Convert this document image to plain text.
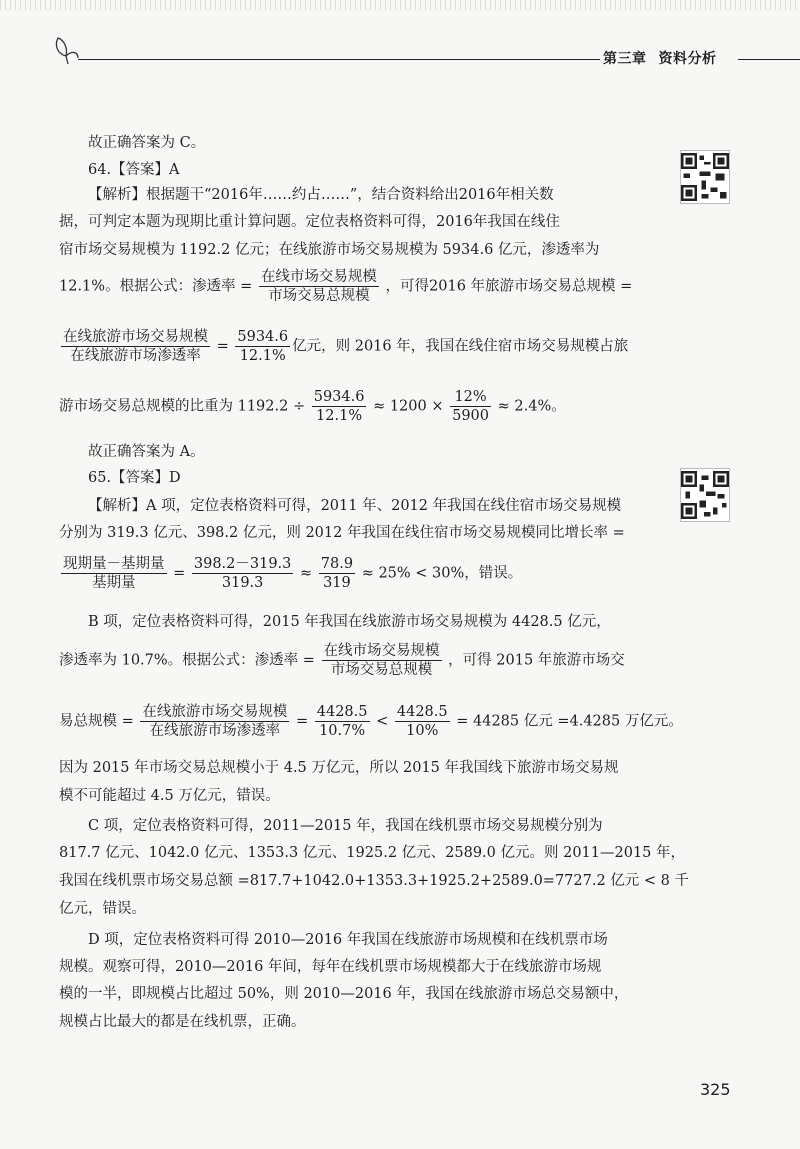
第三章 资料分析
故正确答案为 C。
64.【答案】A
【解析】根据题干“2016年……约占……”，结合资料给出2016年相关数
据，可判定本题为现期比重计算问题。定位表格资料可得，2016年我国在线住
宿市场交易规模为 1192.2 亿元；在线旅游市场交易规模为 5934.6 亿元，渗透率为
12.1%。根据公式：渗透率 = $\frac{\text{在线市场交易规模}}{\text{市场交易总规模}}$ ，可得2016 年旅游市场交易总规模 =
$\frac{\text{在线旅游市场交易规模}}{\text{在线旅游市场渗透率}} = \frac{5934.6}{12.1\%}$ 亿元，则 2016 年，我国在线住宿市场交易规模占旅
游市场交易总规模的比重为 $1192.2 \div \frac{5934.6}{12.1\%} \approx 1200 \times \frac{12\%}{5900} \approx 2.4\%$。
故正确答案为 A。
65.【答案】D
【解析】A 项，定位表格资料可得，2011 年、2012 年我国在线住宿市场交易规模
分别为 319.3 亿元、398.2 亿元，则 2012 年我国在线住宿市场交易规模同比增长率 =
$\frac{\text{现期量－基期量}}{\text{基期量}} = \frac{398.2-319.3}{319.3} \approx \frac{78.9}{319} \approx 25\% < 30\%$，错误。
B 项，定位表格资料可得，2015 年我国在线旅游市场交易规模为 4428.5 亿元，
渗透率为 10.7%。根据公式：渗透率 = $\frac{\text{在线市场交易规模}}{\text{市场交易总规模}}$ ，可得 2015 年旅游市场交
易总规模 = $\frac{\text{在线旅游市场交易规模}}{\text{在线旅游市场渗透率}} = \frac{4428.5}{10.7\%} < \frac{4428.5}{10\%} = 44285$ 亿元 =4.4285 万亿元。
因为 2015 年市场交易总规模小于 4.5 万亿元，所以 2015 年我国线下旅游市场交易规
模不可能超过 4.5 万亿元，错误。
C 项，定位表格资料可得，2011—2015 年，我国在线机票市场交易规模分别为
817.7 亿元、1042.0 亿元、1353.3 亿元、1925.2 亿元、2589.0 亿元。则 2011—2015 年，
我国在线机票市场交易总额 =817.7+1042.0+1353.3+1925.2+2589.0=7727.2 亿元 < 8 千
亿元，错误。
D 项，定位表格资料可得 2010—2016 年我国在线旅游市场规模和在线机票市场
规模。观察可得，2010—2016 年间，每年在线机票市场规模都大于在线旅游市场规
模的一半，即规模占比超过 50%，则 2010—2016 年，我国在线旅游市场总交易额中，
规模占比最大的都是在线机票，正确。
325
